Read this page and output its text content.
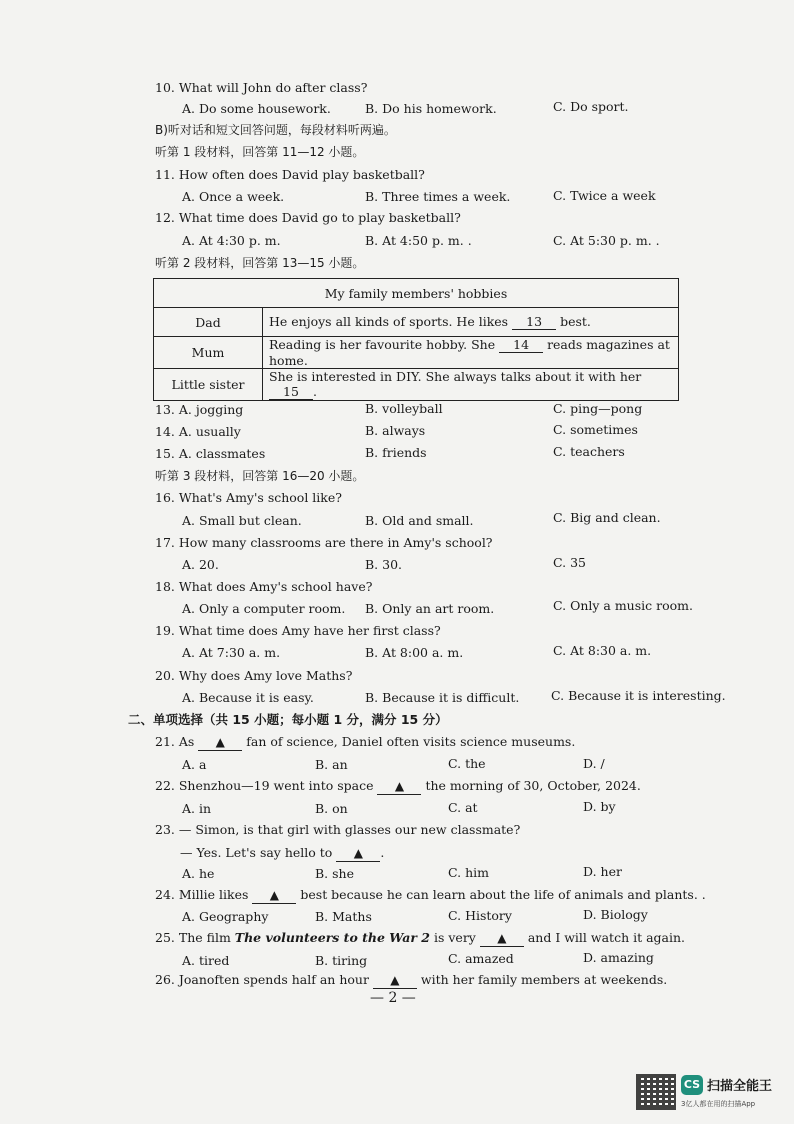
10. What will John do after class?
A. Do some housework.	B. Do his homework.	C. Do sport.
B)听对话和短文回答问题，每段材料听两遍。
听第 1 段材料，回答第 11—12 小题。
11. How often does David play basketball?
A. Once a week.	B. Three times a week.	C. Twice a week
12. What time does David go to play basketball?
A. At 4:30 p. m.	B. At 4:50 p. m. .	C. At 5:30 p. m. .
听第 2 段材料，回答第 13—15 小题。
My family members' hobbies	
Dad	He enjoys all kinds of sports. He likes 13 best.
Mum	Reading is her favourite hobby. She 14 reads magazines at home.
Little sister	She is interested in DIY. She always talks about it with her 15 .
13. A. jogging	B. volleyball	C. ping—pong
14. A. usually	B. always	C. sometimes
15. A. classmates	B. friends	C. teachers
听第 3 段材料，回答第 16—20 小题。
16. What's Amy's school like?
A. Small but clean.	B. Old and small.	C. Big and clean.
17. How many classrooms are there in Amy's school?
A. 20.	B. 30.	C. 35
18. What does Amy's school have?
A. Only a computer room. B. Only an art room.	C. Only a music room.
19. What time does Amy have her first class?
A. At 7:30 a. m.	B. At 8:00 a. m.	C. At 8:30 a. m.
20. Why does Amy love Maths?
A. Because it is easy.	B. Because it is difficult.	C. Because it is interesting.
二、单项选择（共 15 小题；每小题 1 分，满分 15 分）
21. As ▲ fan of science, Daniel often visits science museums.
A. a	B. an	C. the	D. /
22. Shenzhou—19 went into space ▲ the morning of 30, October, 2024.
A. in	B. on	C. at	D. by
23. — Simon, is that girl with glasses our new classmate?
— Yes. Let's say hello to ▲ .
A. he	B. she	C. him	D. her
24. Millie likes ▲ best because he can learn about the life of animals and plants. .
A. Geography	B. Maths	C. History	D. Biology
25. The film The volunteers to the War 2 is very ▲ and I will watch it again.
A. tired	B. tiring	C. amazed	D. amazing
26. Joanoften spends half an hour ▲ with her family members at weekends.
— 2 —
CS 扫描全能王
3亿人都在用的扫描App
